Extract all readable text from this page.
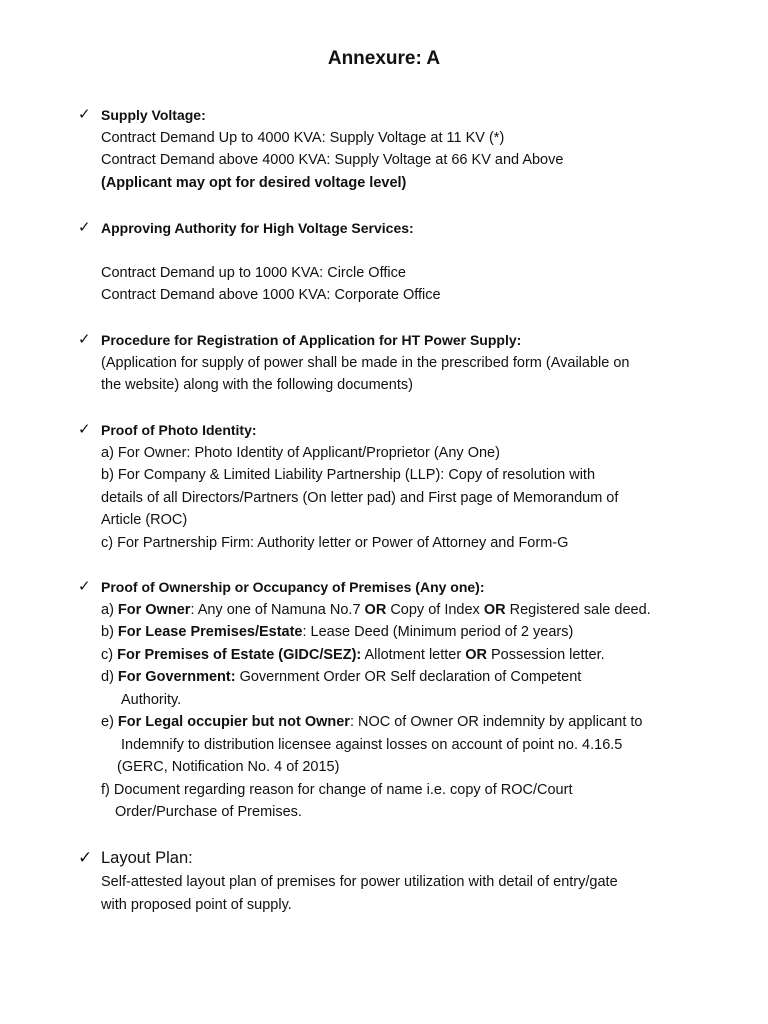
Annexure: A
✓ Supply Voltage:
Contract Demand Up to 4000 KVA: Supply Voltage at 11 KV (*)
Contract Demand above 4000 KVA: Supply Voltage at 66 KV and Above
(Applicant may opt for desired voltage level)
✓ Approving Authority for High Voltage Services:
Contract Demand up to 1000 KVA: Circle Office
Contract Demand above 1000 KVA: Corporate Office
✓ Procedure for Registration of Application for HT Power Supply:
(Application for supply of power shall be made in the prescribed form (Available on
the website) along with the following documents)
✓ Proof of Photo Identity:
a) For Owner: Photo Identity of Applicant/Proprietor (Any One)
b) For Company & Limited Liability Partnership (LLP): Copy of resolution with
details of all Directors/Partners (On letter pad) and First page of Memorandum of
Article (ROC)
c) For Partnership Firm: Authority letter or Power of Attorney and Form-G
✓ Proof of Ownership or Occupancy of Premises (Any one):
a) For Owner: Any one of Namuna No.7 OR Copy of Index OR Registered sale deed.
b) For Lease Premises/Estate: Lease Deed (Minimum period of 2 years)
c) For Premises of Estate (GIDC/SEZ): Allotment letter OR Possession letter.
d) For Government: Government Order OR Self declaration of Competent
Authority.
e) For Legal occupier but not Owner: NOC of Owner OR indemnity by applicant to
Indemnify to distribution licensee against losses on account of point no. 4.16.5
(GERC, Notification No. 4 of 2015)
f) Document regarding reason for change of name i.e. copy of ROC/Court
Order/Purchase of Premises.
✓ Layout Plan:
Self-attested layout plan of premises for power utilization with detail of entry/gate
with proposed point of supply.
